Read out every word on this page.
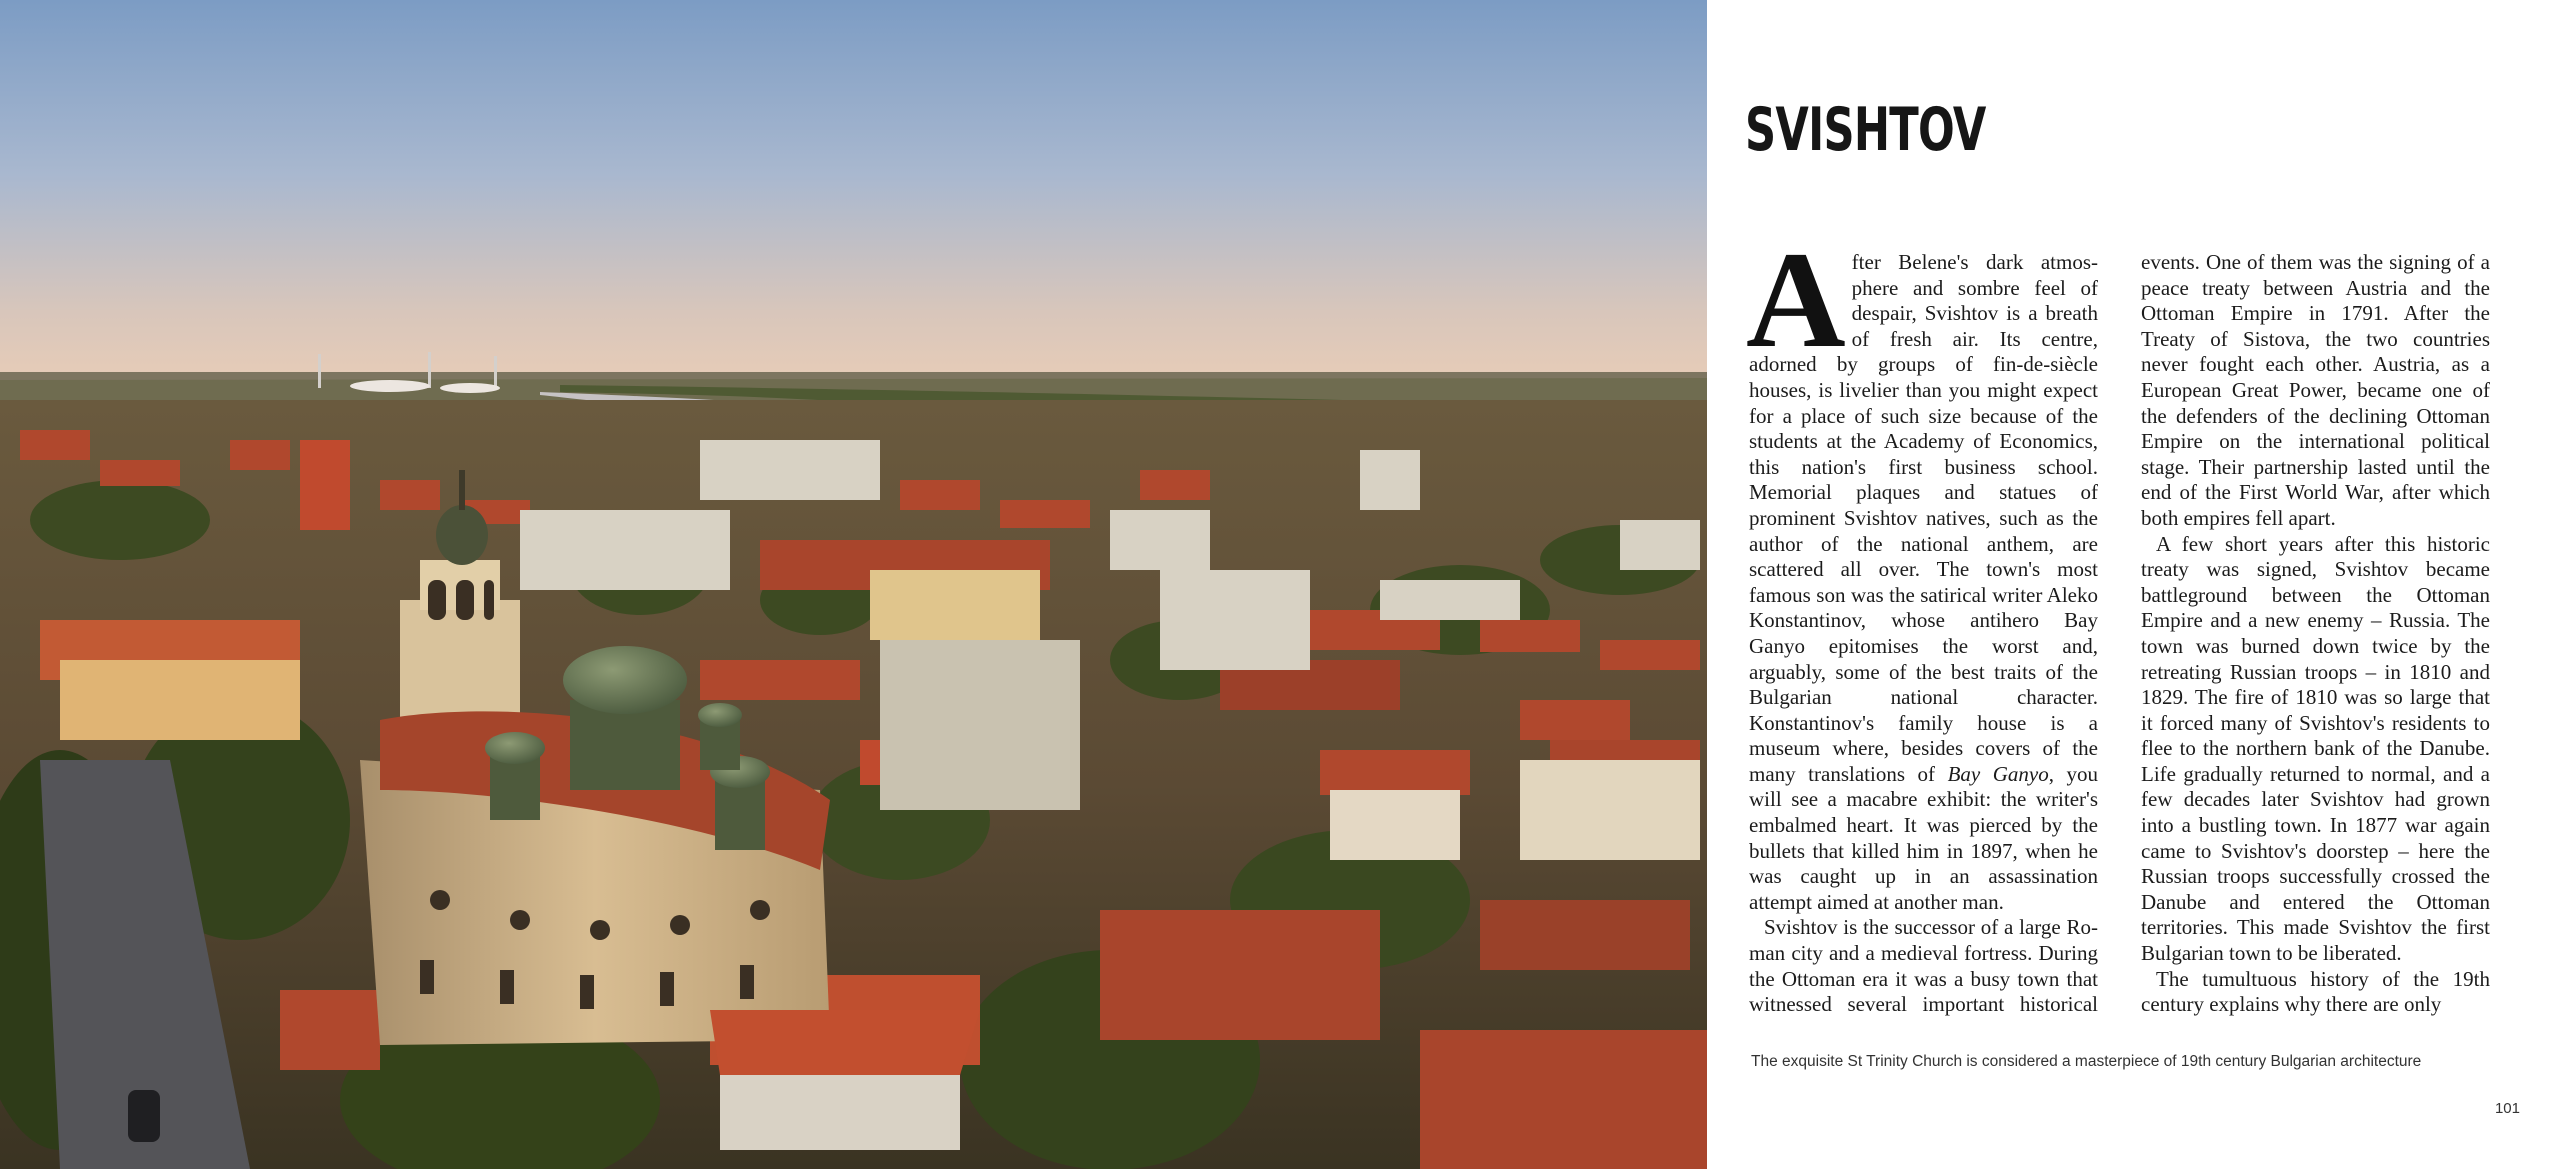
SVISHTOV

After Belene's dark atmosphere and sombre feel of despair, Svishtov is a breath of fresh air. Its centre, adorned by groups of fin-de-siècle houses, is livelier than you might expect for a place of such size because of the students at the Academy of Economics, this nation's first business school. Memorial plaques and statues of prominent Svishtov natives, such as the author of the national anthem, are scattered all over. The town's most famous son was the satirical writer Aleko Konstantinov, whose antihero Bay Ganyo epitomises the worst and, arguably, some of the best traits of the Bulgarian national character. Konstantinov's family house is a museum where, besides covers of the many translations of Bay Ganyo, you will see a macabre exhibit: the writer's embalmed heart. It was pierced by the bullets that killed him in 1897, when he was caught up in an assassination attempt aimed at another man.

Svishtov is the successor of a large Roman city and a medieval fortress. During the Ottoman era it was a busy town that witnessed several important historical events. One of them was the signing of a peace treaty between Austria and the Ottoman Empire in 1791. After the Treaty of Sistova, the two countries never fought each other. Austria, as a European Great Power, became one of the defenders of the declining Ottoman Empire on the international political stage. Their partnership lasted until the end of the First World War, after which both empires fell apart.

A few short years after this historic treaty was signed, Svishtov became battleground between the Ottoman Empire and a new enemy – Russia. The town was burned down twice by the retreating Russian troops – in 1810 and 1829. The fire of 1810 was so large that it forced many of Svishtov's residents to flee to the northern bank of the Danube. Life gradually returned to normal, and a few decades later Svishtov had grown into a bustling town. In 1877 war again came to Svishtov's doorstep – here the Russian troops successfully crossed the Danube and entered the Ottoman territories. This made Svishtov the first Bulgarian town to be liberated.

The tumultuous history of the 19th century explains why there are only

The exquisite St Trinity Church is considered a masterpiece of 19th century Bulgarian architecture

101
